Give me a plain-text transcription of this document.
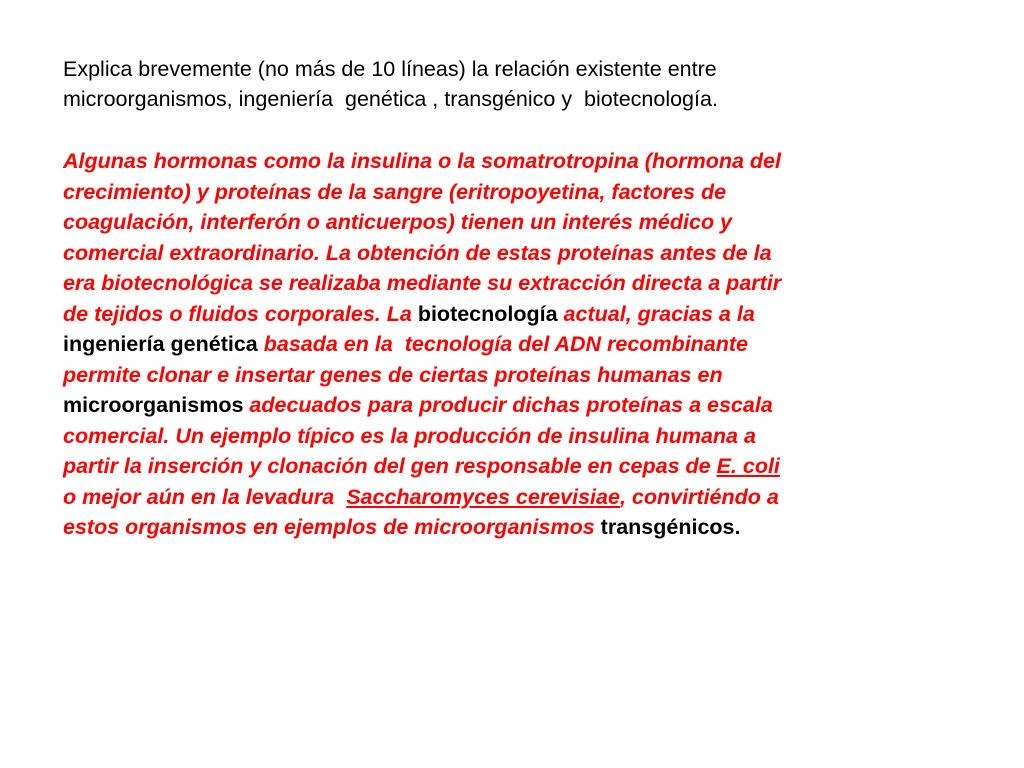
Explica brevemente (no más de 10 líneas) la relación existente entre
microorganismos, ingeniería  genética , transgénico y  biotecnología.
Algunas hormonas como la insulina o la somatrotropina (hormona del
crecimiento) y proteínas de la sangre (eritropoyetina, factores de
coagulación, interferón o anticuerpos) tienen un interés médico y
comercial extraordinario. La obtención de estas proteínas antes de la
era biotecnológica se realizaba mediante su extracción directa a partir
de tejidos o fluidos corporales. La biotecnología actual, gracias a la
ingeniería genética basada en la  tecnología del ADN recombinante
permite clonar e insertar genes de ciertas proteínas humanas en
microorganismos adecuados para producir dichas proteínas a escala
comercial. Un ejemplo típico es la producción de insulina humana a
partir la inserción y clonación del gen responsable en cepas de E. coli
o mejor aún en la levadura  Saccharomyces cerevisiae, convirtiéndo a
estos organismos en ejemplos de microorganismos transgénicos.
